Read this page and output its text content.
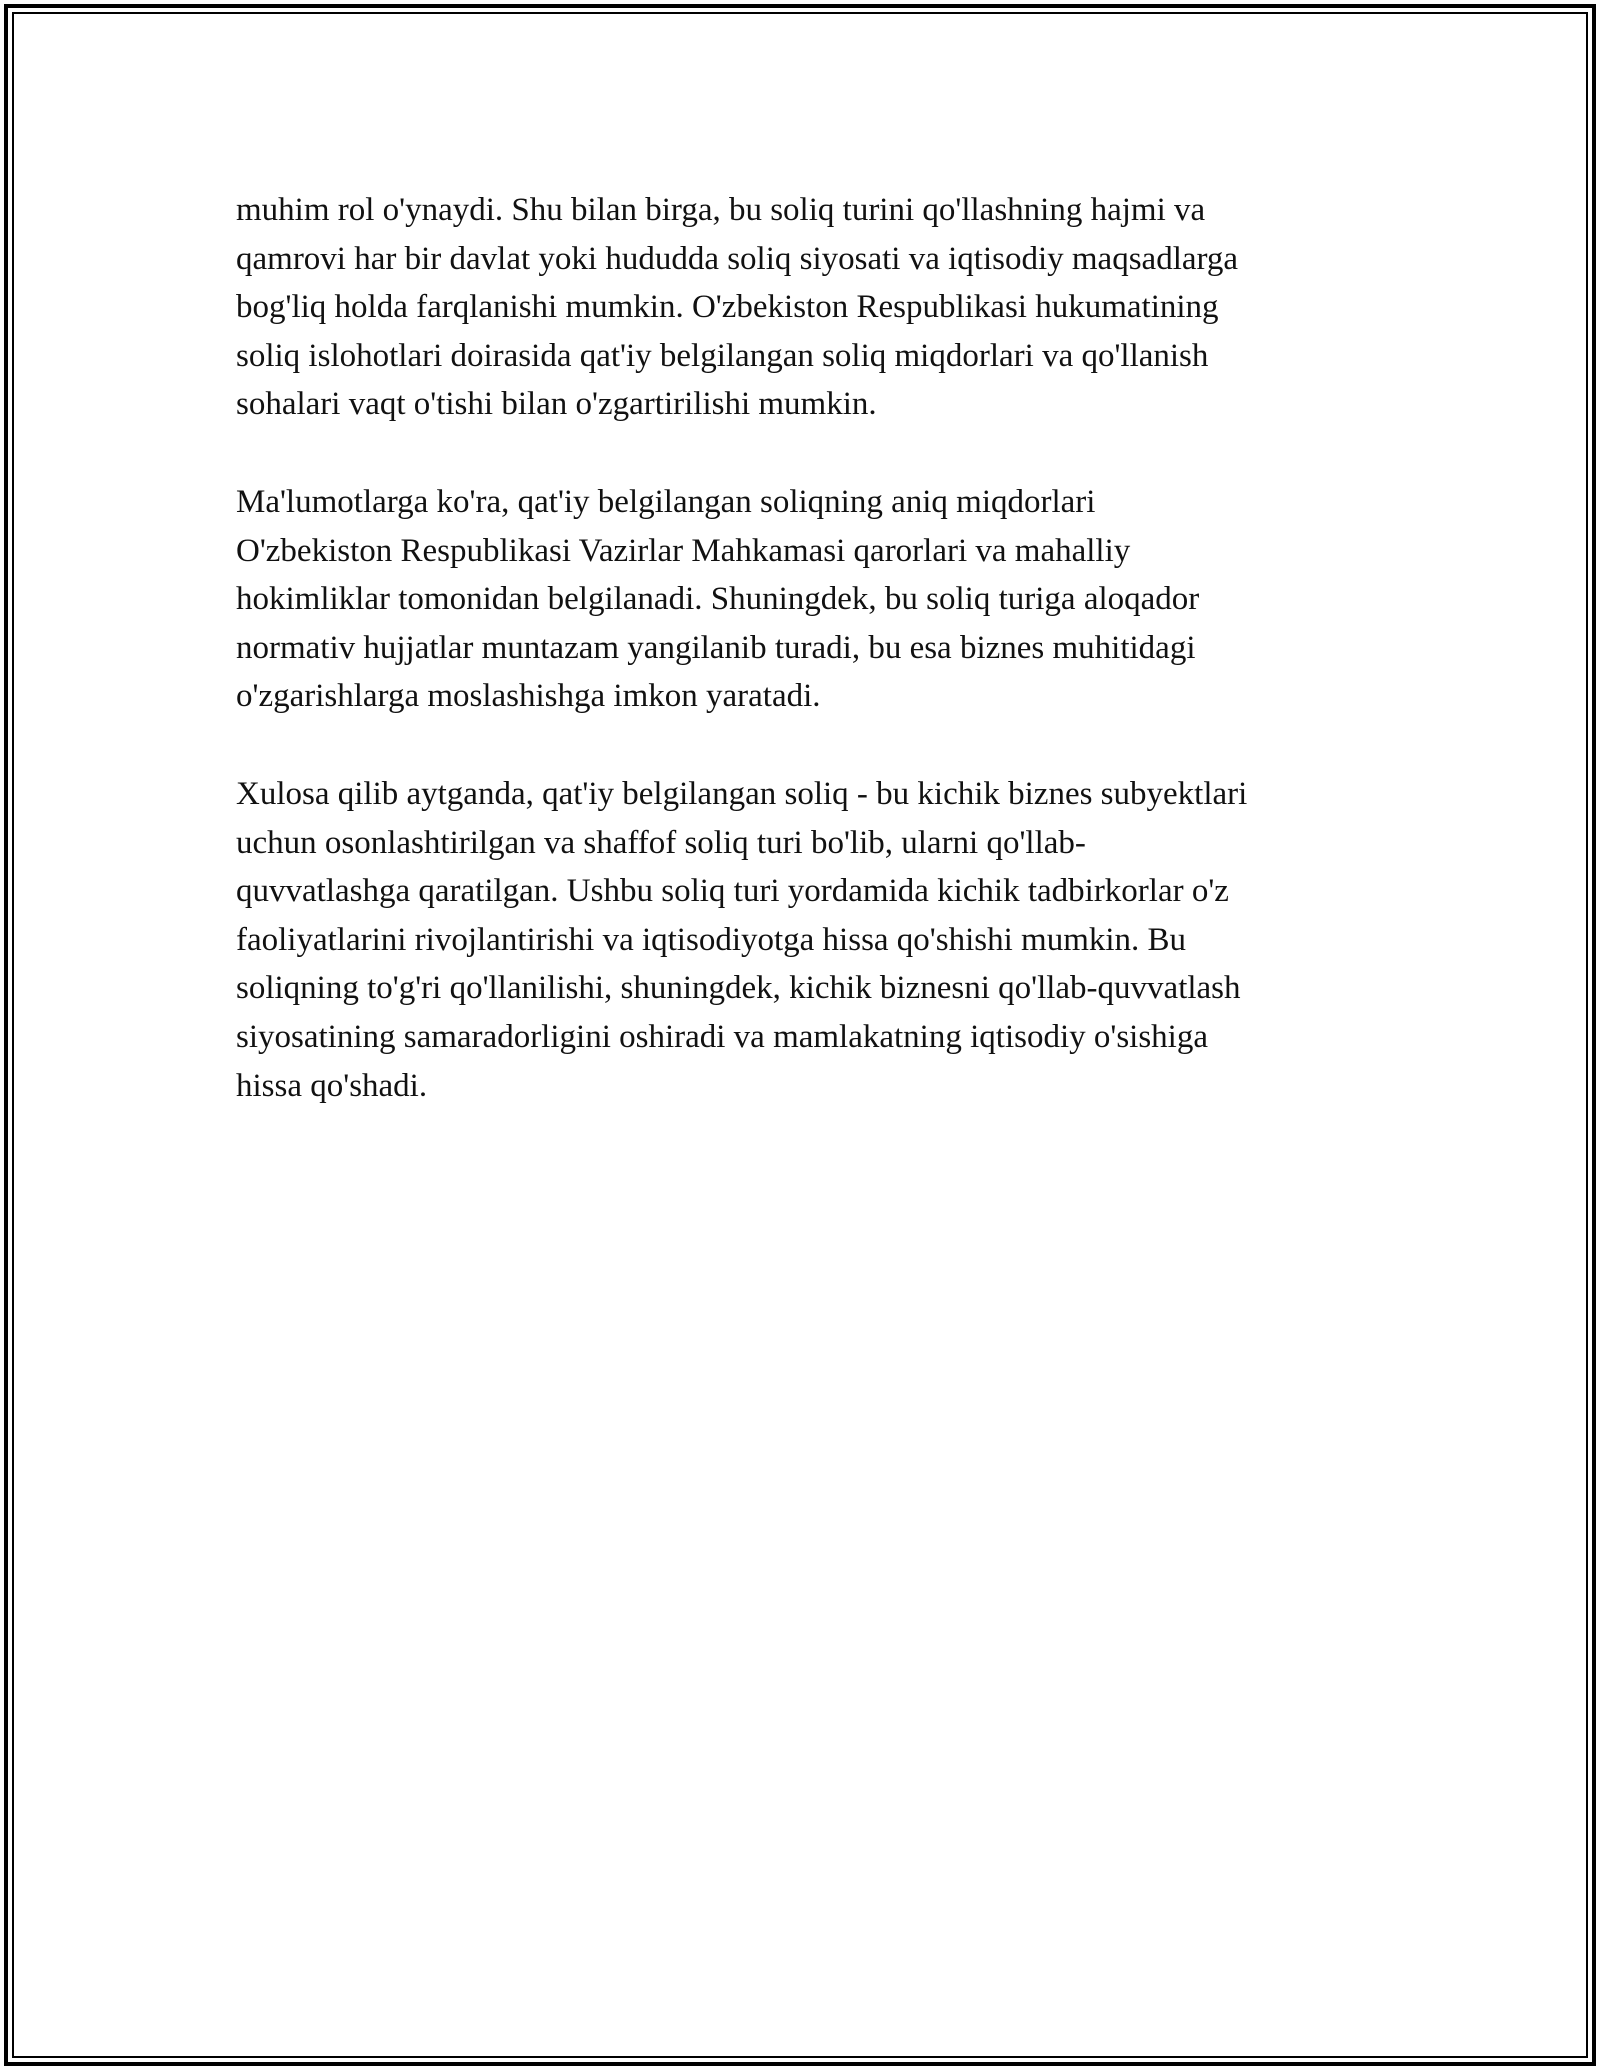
muhim rol o'ynaydi. Shu bilan birga, bu soliq turini qo'llashning hajmi va
qamrovi har bir davlat yoki hududda soliq siyosati va iqtisodiy maqsadlarga
bog'liq holda farqlanishi mumkin. O'zbekiston Respublikasi hukumatining
soliq islohotlari doirasida qat'iy belgilangan soliq miqdorlari va qo'llanish
sohalari vaqt o'tishi bilan o'zgartirilishi mumkin.

Ma'lumotlarga ko'ra, qat'iy belgilangan soliqning aniq miqdorlari
O'zbekiston Respublikasi Vazirlar Mahkamasi qarorlari va mahalliy
hokimliklar tomonidan belgilanadi. Shuningdek, bu soliq turiga aloqador
normativ hujjatlar muntazam yangilanib turadi, bu esa biznes muhitidagi
o'zgarishlarga moslashishga imkon yaratadi.

Xulosa qilib aytganda, qat'iy belgilangan soliq - bu kichik biznes subyektlari
uchun osonlashtirilgan va shaffof soliq turi bo'lib, ularni qo'llab-
quvvatlashga qaratilgan. Ushbu soliq turi yordamida kichik tadbirkorlar o'z
faoliyatlarini rivojlantirishi va iqtisodiyotga hissa qo'shishi mumkin. Bu
soliqning to'g'ri qo'llanilishi, shuningdek, kichik biznesni qo'llab-quvvatlash
siyosatining samaradorligini oshiradi va mamlakatning iqtisodiy o'sishiga
hissa qo'shadi.
